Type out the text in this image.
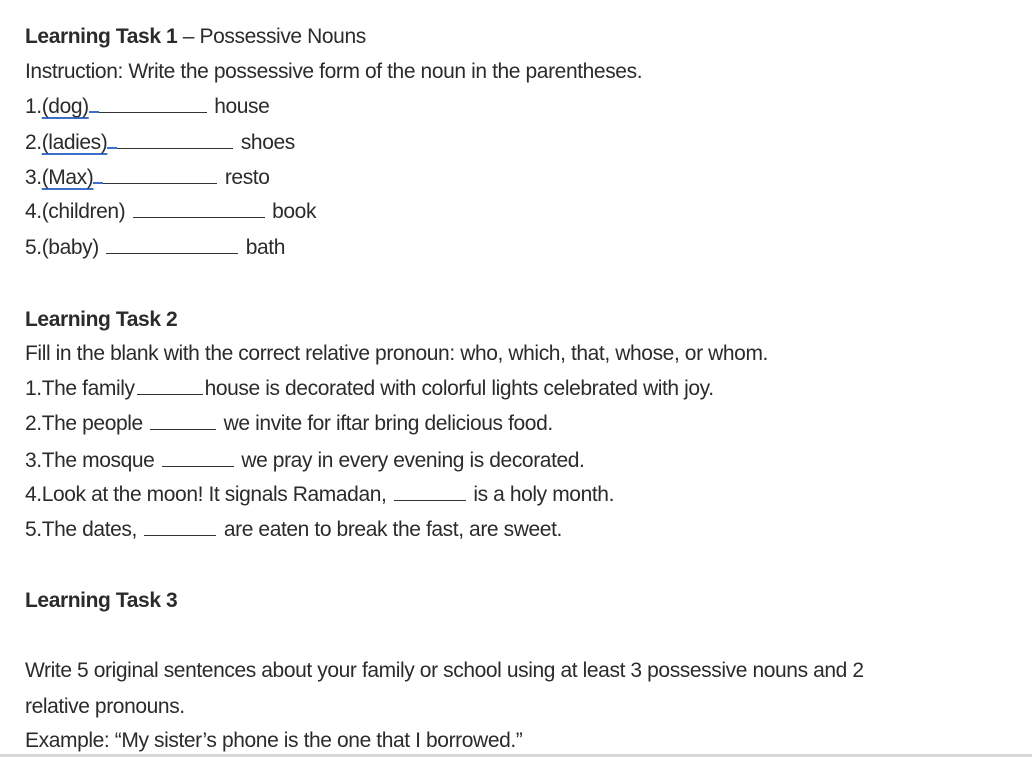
Learning Task 1 – Possessive Nouns
Instruction: Write the possessive form of the noun in the parentheses.
1.(dog)	house
2.(ladies)	shoes
3.(Max)	resto
4.(children)	book
5.(baby)	bath
Learning Task 2
Fill in the blank with the correct relative pronoun: who, which, that, whose, or whom.
1.The family	house is decorated with colorful lights celebrated with joy.
2.The people	we invite for iftar bring delicious food.
3.The mosque	we pray in every evening is decorated.
4.Look at the moon! It signals Ramadan,	is a holy month.
5.The dates,	are eaten to break the fast, are sweet.
Learning Task 3
Write 5 original sentences about your family or school using at least 3 possessive nouns and 2
relative pronouns.
Example: “My sister’s phone is the one that I borrowed.”
